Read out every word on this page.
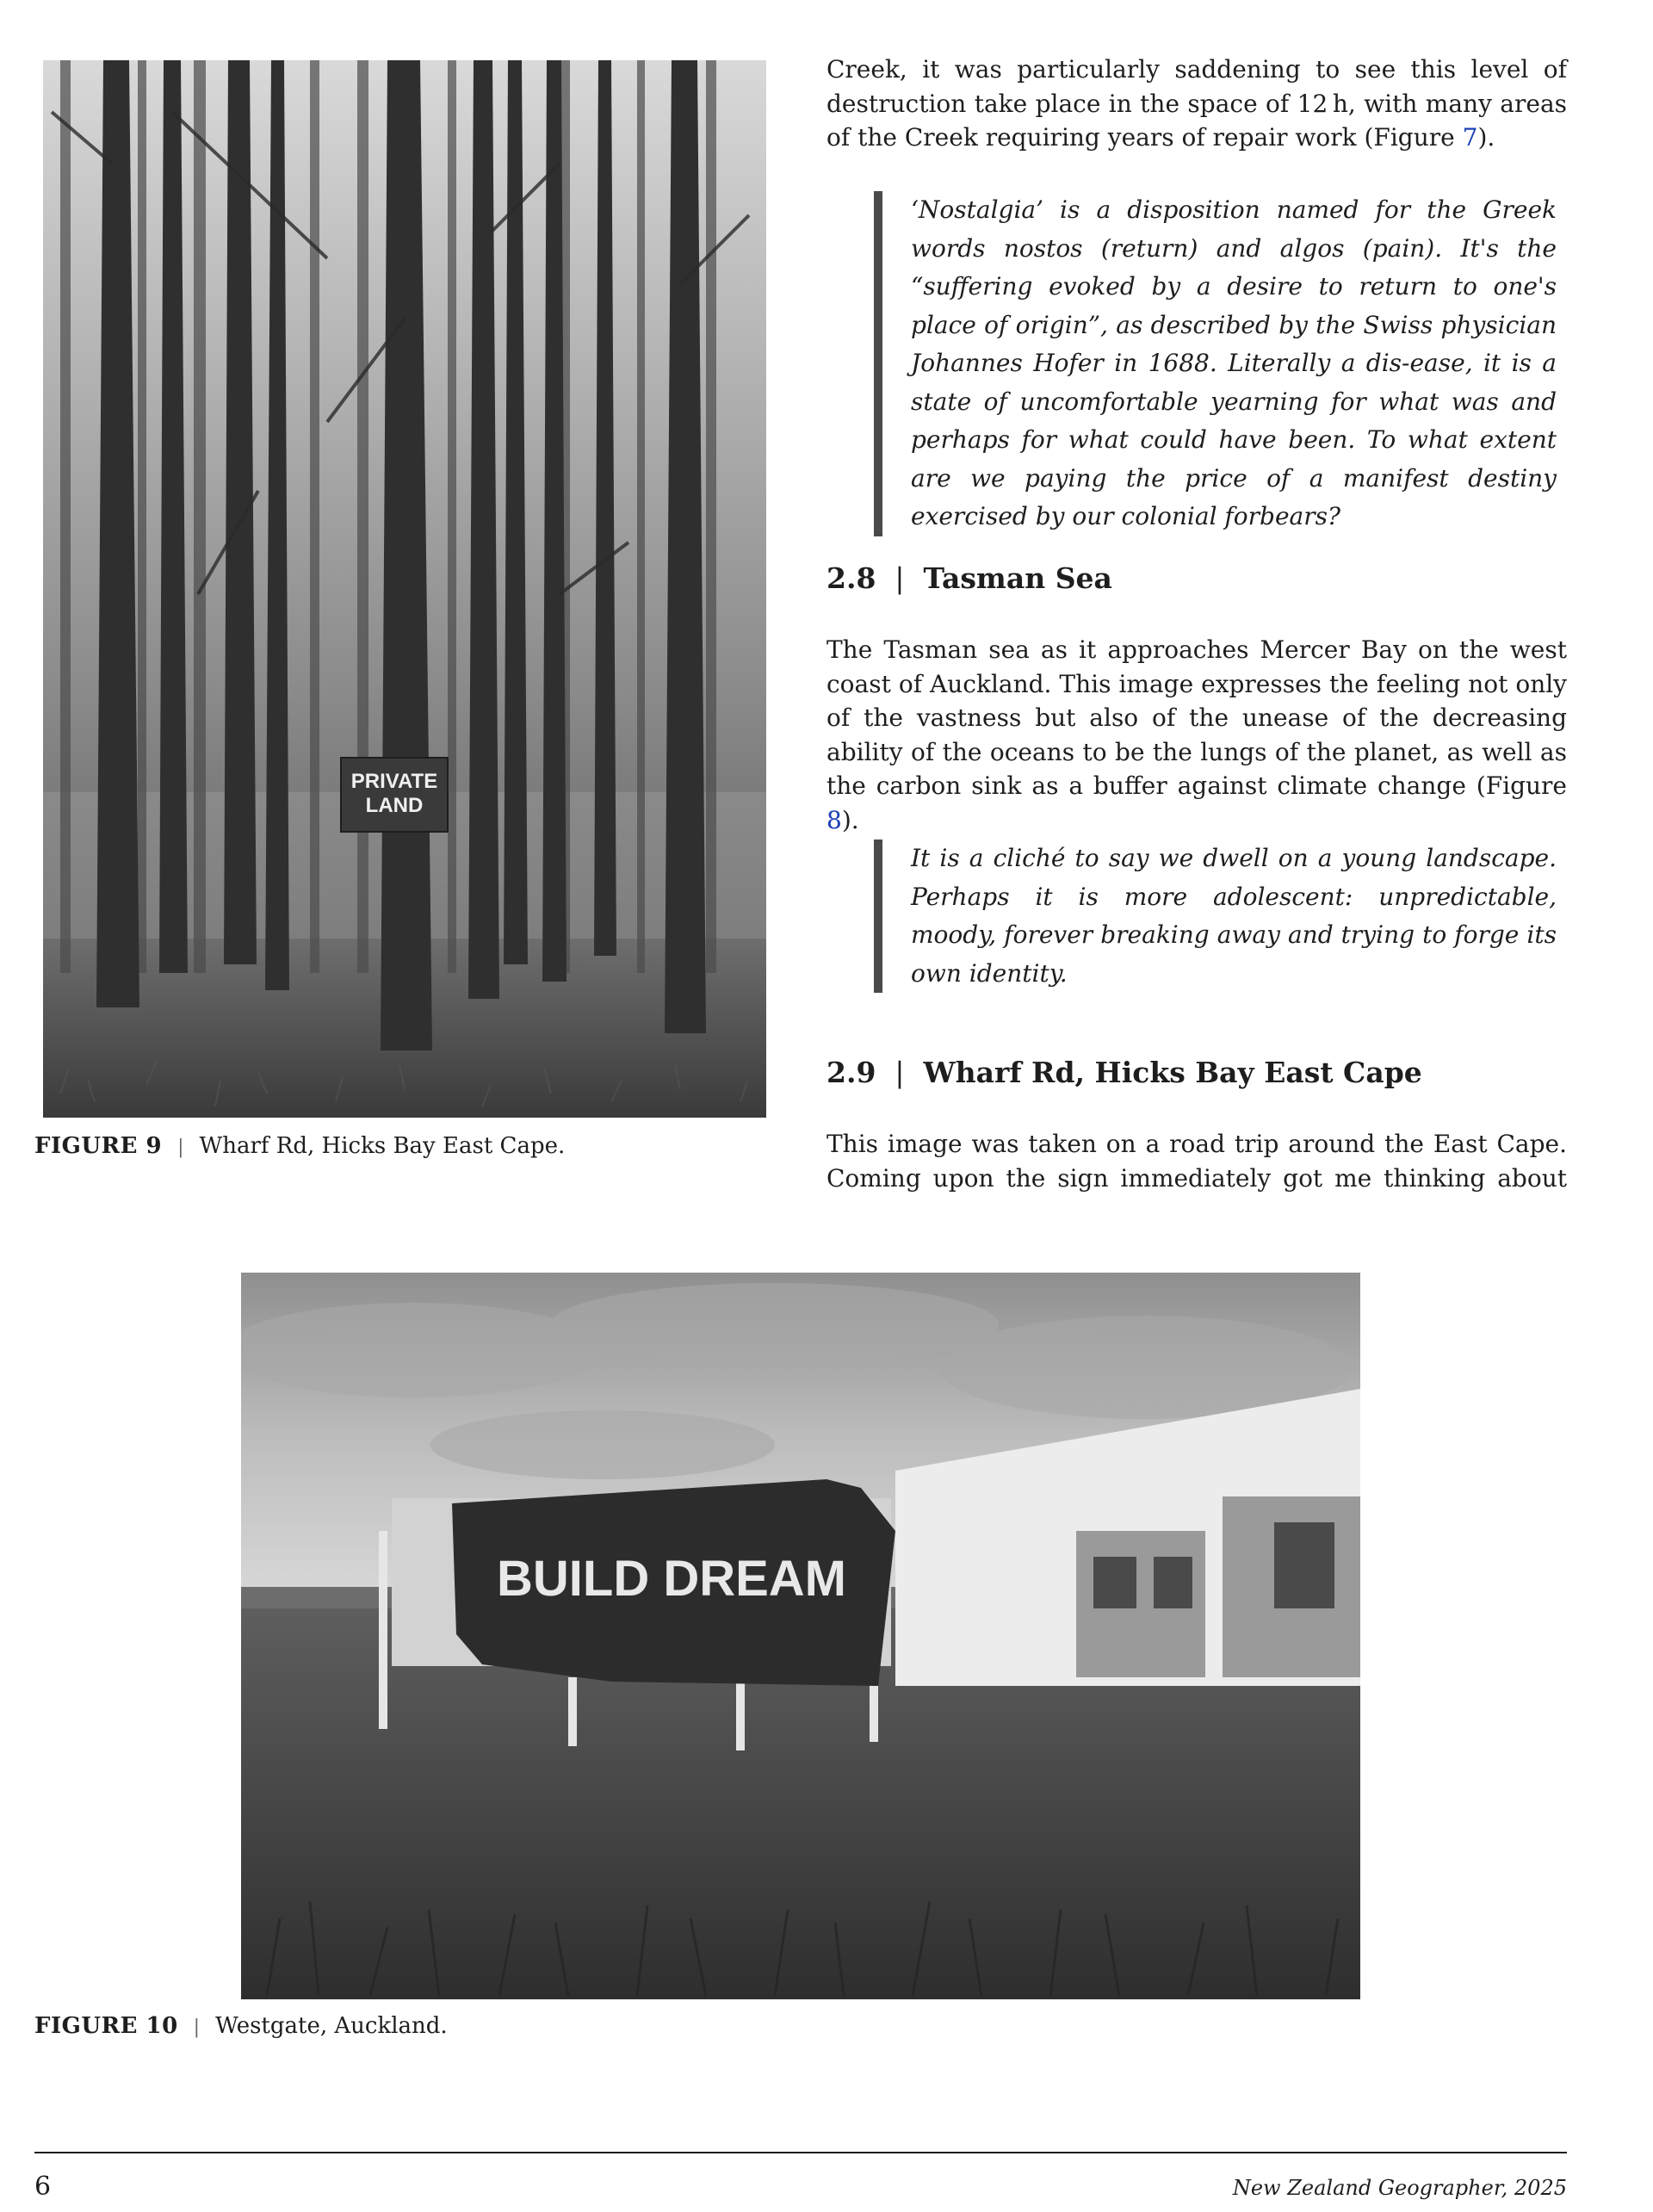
PRIVATE LAND
FIGURE 9 | Wharf Rd, Hicks Bay East Cape.

Creek, it was particularly saddening to see this level of destruction take place in the space of 12 h, with many areas of the Creek requiring years of repair work (Figure 7).

‘Nostalgia’ is a disposition named for the Greek words nostos (return) and algos (pain). It's the “suffering evoked by a desire to return to one's place of origin”, as described by the Swiss physician Johannes Hofer in 1688. Literally a dis-ease, it is a state of uncomfortable yearning for what was and perhaps for what could have been. To what extent are we paying the price of a manifest destiny exercised by our colonial forbears?
2.8 | Tasman Sea

The Tasman sea as it approaches Mercer Bay on the west coast of Auckland. This image expresses the feeling not only of the vastness but also of the unease of the decreasing ability of the oceans to be the lungs of the planet, as well as the carbon sink as a buffer against climate change (Figure 8).

It is a cliché to say we dwell on a young landscape. Perhaps it is more adolescent: unpredictable, moody, forever breaking away and trying to forge its own identity.
2.9 | Wharf Rd, Hicks Bay East Cape

This image was taken on a road trip around the East Cape. Coming upon the sign immediately got me thinking about

BUILD DREAM
FIGURE 10 | Westgate, Auckland.
6	New Zealand Geographer, 2025
